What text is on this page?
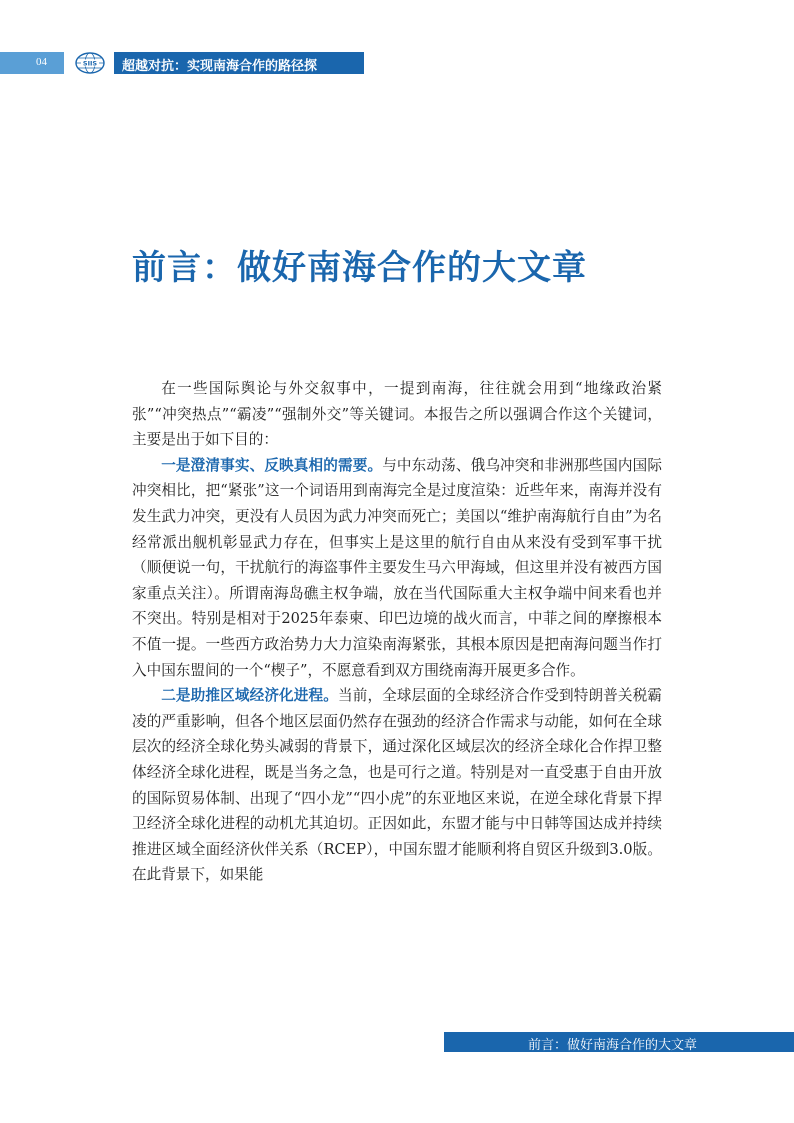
04	SIIS 超越对抗：实现南海合作的路径探
前言：做好南海合作的大文章

在一些国际舆论与外交叙事中，一提到南海，往往就会用到“地缘政治紧张”“冲突热点”“霸凌”“强制外交”等关键词。本报告之所以强调合作这个关键词，主要是出于如下目的：

一是澄清事实、反映真相的需要。与中东动荡、俄乌冲突和非洲那些国内国际冲突相比，把“紧张”这一个词语用到南海完全是过度渲染：近些年来，南海并没有发生武力冲突，更没有人员因为武力冲突而死亡；美国以“维护南海航行自由”为名经常派出舰机彰显武力存在，但事实上是这里的航行自由从来没有受到军事干扰（顺便说一句，干扰航行的海盗事件主要发生马六甲海域，但这里并没有被西方国家重点关注）。所谓南海岛礁主权争端，放在当代国际重大主权争端中间来看也并不突出。特别是相对于2025年泰柬、印巴边境的战火而言，中菲之间的摩擦根本不值一提。一些西方政治势力大力渲染南海紧张，其根本原因是把南海问题当作打入中国东盟间的一个“楔子”，不愿意看到双方围绕南海开展更多合作。

二是助推区域经济化进程。当前，全球层面的全球经济合作受到特朗普关税霸凌的严重影响，但各个地区层面仍然存在强劲的经济合作需求与动能，如何在全球层次的经济全球化势头减弱的背景下，通过深化区域层次的经济全球化合作捍卫整体经济全球化进程，既是当务之急，也是可行之道。特别是对一直受惠于自由开放的国际贸易体制、出现了“四小龙”“四小虎”的东亚地区来说，在逆全球化背景下捍卫经济全球化进程的动机尤其迫切。正因如此，东盟才能与中日韩等国达成并持续推进区域全面经济伙伴关系（RCEP），中国东盟才能顺利将自贸区升级到3.0版。在此背景下，如果能

前言：做好南海合作的大文章
